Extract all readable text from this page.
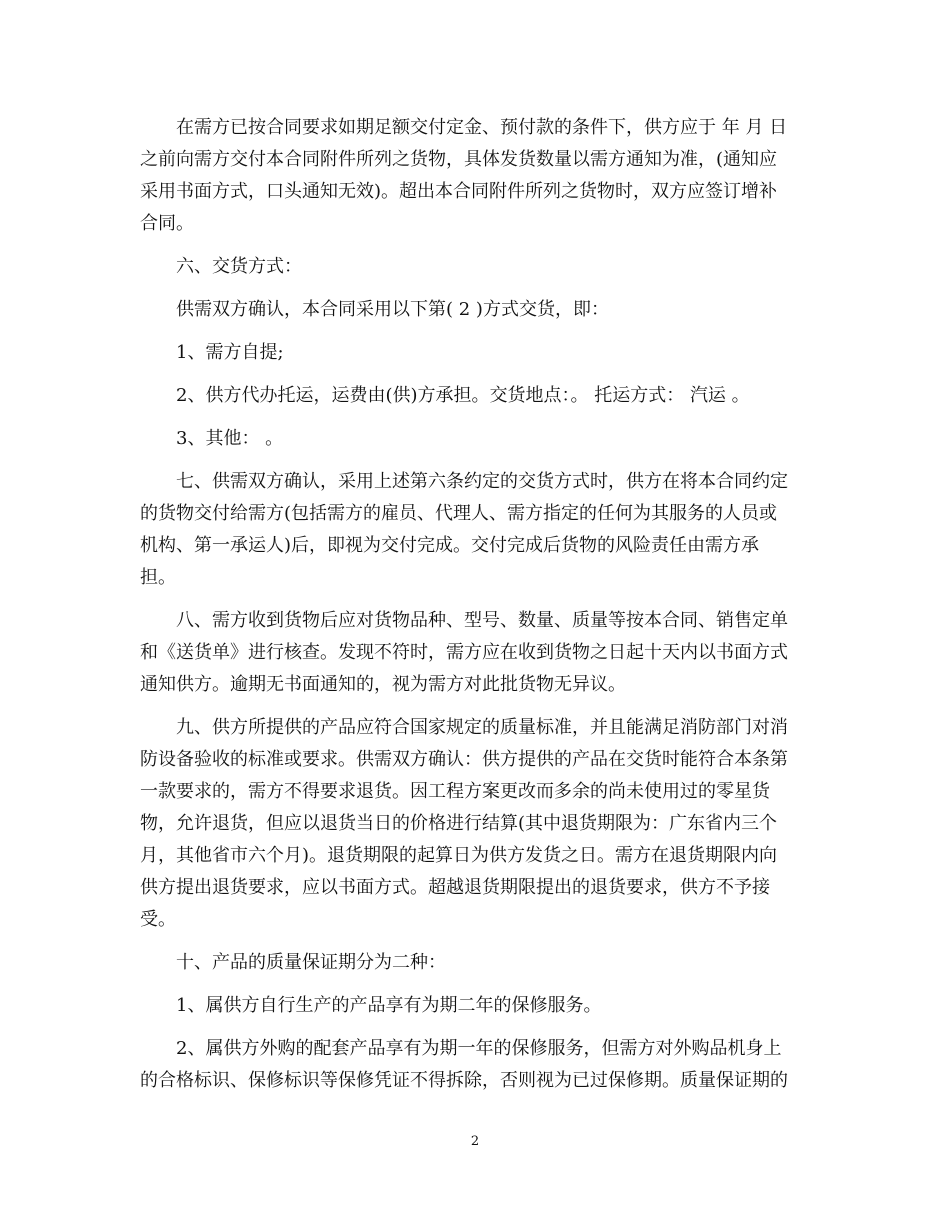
在需方已按合同要求如期足额交付定金、预付款的条件下，供方应于 年 月 日
之前向需方交付本合同附件所列之货物，具体发货数量以需方通知为准，(通知应
采用书面方式，口头通知无效)。超出本合同附件所列之货物时，双方应签订增补
合同。
六、交货方式：
供需双方确认，本合同采用以下第( 2 )方式交货，即：
1、需方自提;
2、供方代办托运，运费由(供)方承担。交货地点：。 托运方式： 汽运 。
3、其他： 。
七、供需双方确认，采用上述第六条约定的交货方式时，供方在将本合同约定
的货物交付给需方(包括需方的雇员、代理人、需方指定的任何为其服务的人员或
机构、第一承运人)后，即视为交付完成。交付完成后货物的风险责任由需方承
担。
八、需方收到货物后应对货物品种、型号、数量、质量等按本合同、销售定单
和《送货单》进行核查。发现不符时，需方应在收到货物之日起十天内以书面方式
通知供方。逾期无书面通知的，视为需方对此批货物无异议。
九、供方所提供的产品应符合国家规定的质量标准，并且能满足消防部门对消
防设备验收的标准或要求。供需双方确认：供方提供的产品在交货时能符合本条第
一款要求的，需方不得要求退货。因工程方案更改而多余的尚未使用过的零星货
物，允许退货，但应以退货当日的价格进行结算(其中退货期限为：广东省内三个
月，其他省市六个月)。退货期限的起算日为供方发货之日。需方在退货期限内向
供方提出退货要求，应以书面方式。超越退货期限提出的退货要求，供方不予接
受。
十、产品的质量保证期分为二种：
1、属供方自行生产的产品享有为期二年的保修服务。
2、属供方外购的配套产品享有为期一年的保修服务，但需方对外购品机身上
的合格标识、保修标识等保修凭证不得拆除，否则视为已过保修期。质量保证期的
2
